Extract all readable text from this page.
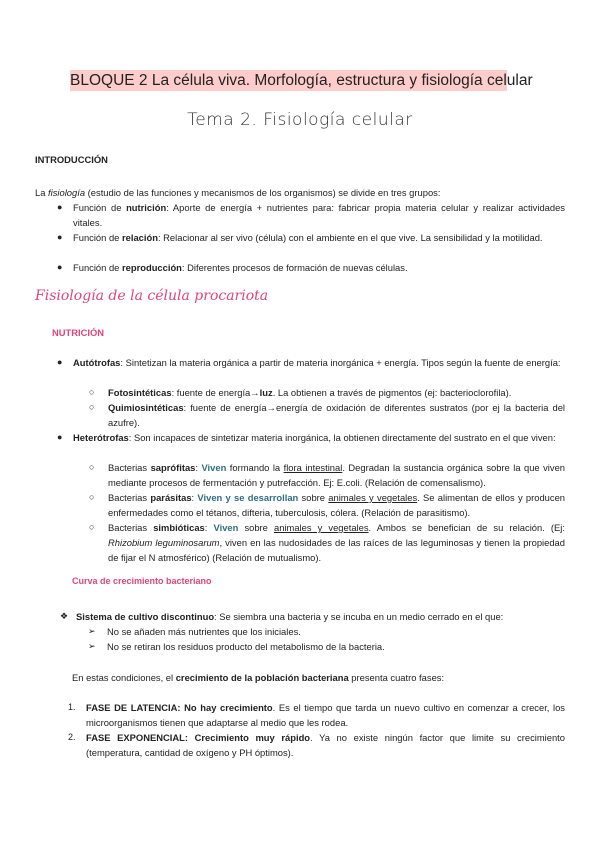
BLOQUE 2 La célula viva. Morfología, estructura y fisiología celular
Tema 2. Fisiología celular
INTRODUCCIÓN
Fisiología de la célula procariota
NUTRICIÓN
Curva de crecimiento bacteriano
La fisiología (estudio de las funciones y mecanismos de los organismos) se divide en tres grupos:
● Función de nutrición: Aporte de energía + nutrientes para: fabricar propia materia celular y realizar actividades vitales.
● Función de relación: Relacionar al ser vivo (célula) con el ambiente en el que vive. La sensibilidad y la motilidad.
● Función de reproducción: Diferentes procesos de formación de nuevas células.
● Autótrofas: Sintetizan la materia orgánica a partir de materia inorgánica + energía. Tipos según la fuente de energía:
○ Fotosintéticas: fuente de energía→luz. La obtienen a través de pigmentos (ej: bacterioclorofila).
○ Quimiosintéticas: fuente de energía→energía de oxidación de diferentes sustratos (por ej la bacteria del azufre).
● Heterótrofas: Son incapaces de sintetizar materia inorgánica, la obtienen directamente del sustrato en el que viven:
○ Bacterias saprófitas: Viven formando la flora intestinal. Degradan la sustancia orgánica sobre la que viven mediante procesos de fermentación y putrefacción. Ej: E.coli. (Relación de comensalismo).
○ Bacterias parásitas: Viven y se desarrollan sobre animales y vegetales. Se alimentan de ellos y producen enfermedades como el tétanos, difteria, tuberculosis, cólera. (Relación de parasitismo).
○ Bacterias simbióticas: Viven sobre animales y vegetales. Ambos se benefician de su relación. (Ej: Rhizobium leguminosarum, viven en las nudosidades de las raíces de las leguminosas y tienen la propiedad de fijar el N atmosférico) (Relación de mutualismo).
❖ Sistema de cultivo discontinuo: Se siembra una bacteria y se incuba en un medio cerrado en el que:
➢ No se añaden más nutrientes que los iniciales.
➢ No se retiran los residuos producto del metabolismo de la bacteria.
En estas condiciones, el crecimiento de la población bacteriana presenta cuatro fases:
1. FASE DE LATENCIA: No hay crecimiento. Es el tiempo que tarda un nuevo cultivo en comenzar a crecer, los microorganismos tienen que adaptarse al medio que les rodea.
2. FASE EXPONENCIAL: Crecimiento muy rápido. Ya no existe ningún factor que limite su crecimiento (temperatura, cantidad de oxígeno y PH óptimos).
